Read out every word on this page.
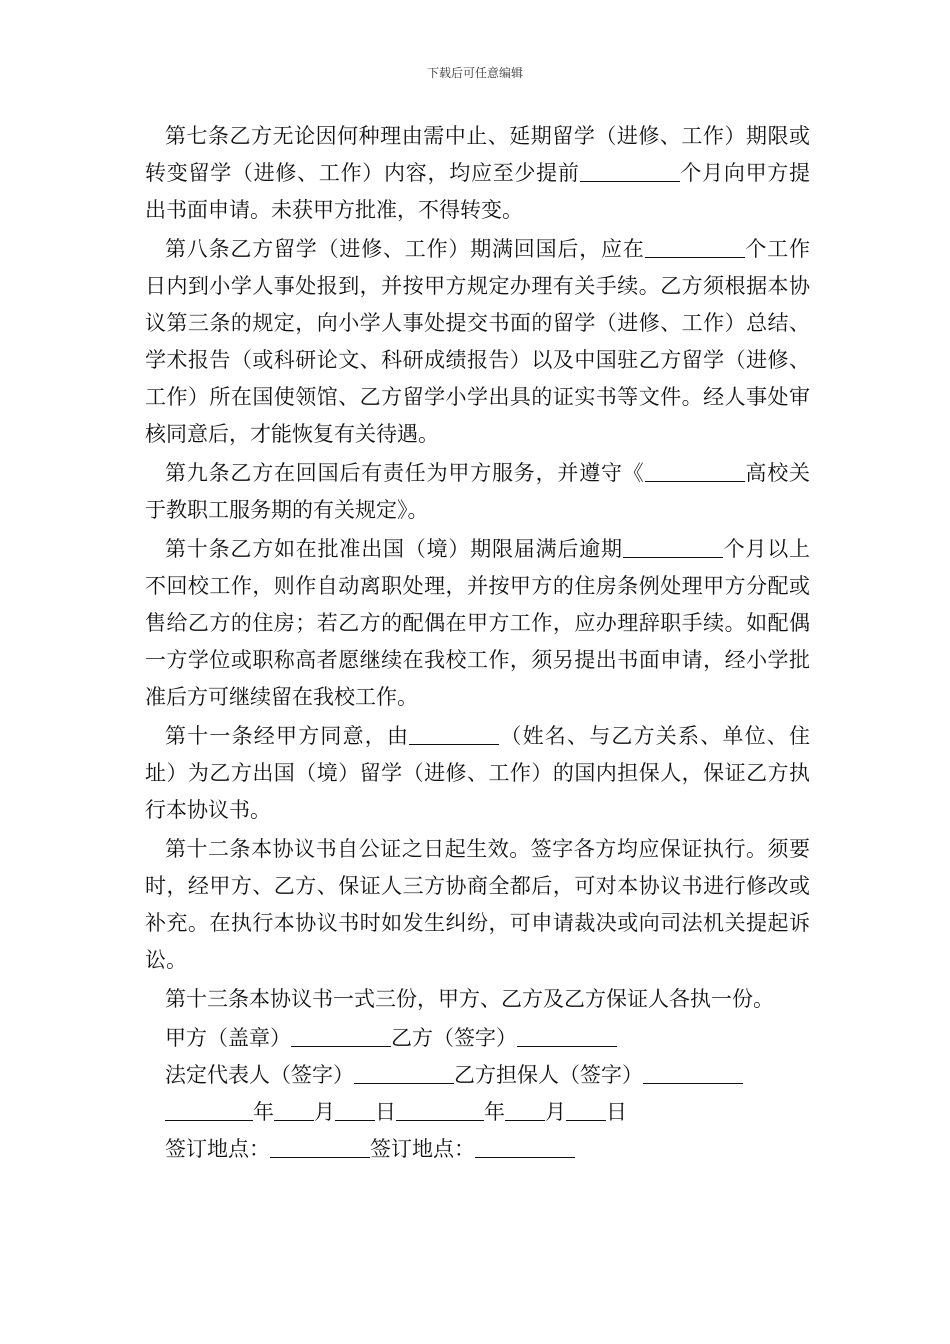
下载后可任意编辑

第七条乙方无论因何种理由需中止、延期留学（进修、工作）期限或转变留学（进修、工作）内容，均应至少提前	个月向甲方提出书面申请。未获甲方批准，不得转变。

第八条乙方留学（进修、工作）期满回国后，应在	个工作日内到小学人事处报到，并按甲方规定办理有关手续。乙方须根据本协议第三条的规定，向小学人事处提交书面的留学（进修、工作）总结、学术报告（或科研论文、科研成绩报告）以及中国驻乙方留学（进修、工作）所在国使领馆、乙方留学小学出具的证实书等文件。经人事处审核同意后，才能恢复有关待遇。

第九条乙方在回国后有责任为甲方服务，并遵守《	高校关于教职工服务期的有关规定》。

第十条乙方如在批准出国（境）期限届满后逾期	个月以上不回校工作，则作自动离职处理，并按甲方的住房条例处理甲方分配或售给乙方的住房；若乙方的配偶在甲方工作，应办理辞职手续。如配偶一方学位或职称高者愿继续在我校工作，须另提出书面申请，经小学批准后方可继续留在我校工作。

第十一条经甲方同意，由	（姓名、与乙方关系、单位、住址）为乙方出国（境）留学（进修、工作）的国内担保人，保证乙方执行本协议书。

第十二条本协议书自公证之日起生效。签字各方均应保证执行。须要时，经甲方、乙方、保证人三方协商全都后，可对本协议书进行修改或补充。在执行本协议书时如发生纠纷，可申请裁决或向司法机关提起诉讼。

第十三条本协议书一式三份，甲方、乙方及乙方保证人各执一份。

甲方（盖章）	乙方（签字）

法定代表人（签字）	乙方担保人（签字）

年 月 日	年 月 日

签订地点：	签订地点：
